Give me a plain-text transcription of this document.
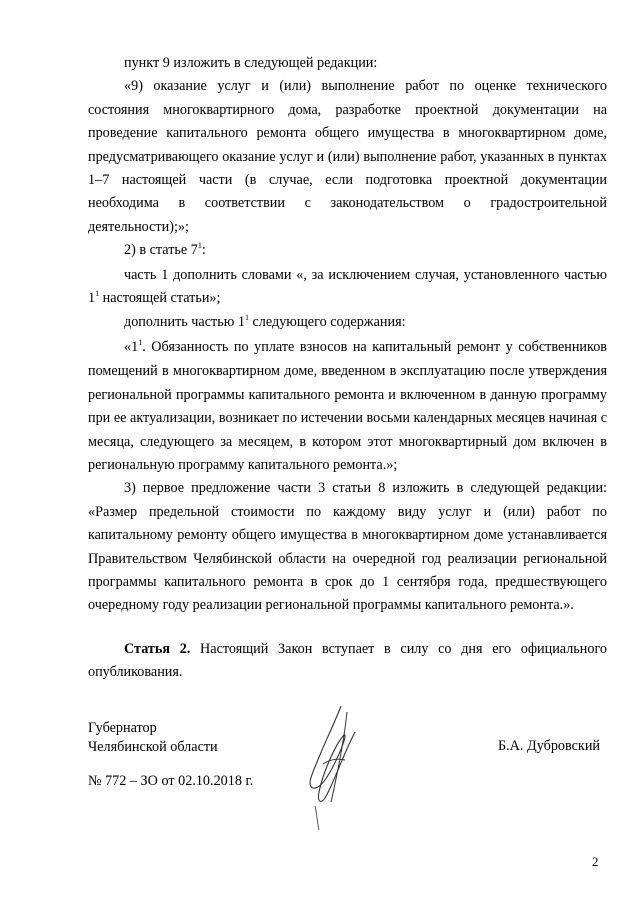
пункт 9 изложить в следующей редакции:

«9) оказание услуг и (или) выполнение работ по оценке технического состояния многоквартирного дома, разработке проектной документации на проведение капитального ремонта общего имущества в многоквартирном доме, предусматривающего оказание услуг и (или) выполнение работ, указанных в пунктах 1–7 настоящей части (в случае, если подготовка проектной документации необходима в соответствии с законодательством о градостроительной деятельности);»;

2) в статье $7^1$:

часть 1 дополнить словами «, за исключением случая, установленного частью $1^1$ настоящей статьи»;

дополнить частью $1^1$ следующего содержания:

«$1^1$. Обязанность по уплате взносов на капитальный ремонт у собственников помещений в многоквартирном доме, введенном в эксплуатацию после утверждения региональной программы капитального ремонта и включенном в данную программу при ее актуализации, возникает по истечении восьми календарных месяцев начиная с месяца, следующего за месяцем, в котором этот многоквартирный дом включен в региональную программу капитального ремонта.»;

3) первое предложение части 3 статьи 8 изложить в следующей редакции: «Размер предельной стоимости по каждому виду услуг и (или) работ по капитальному ремонту общего имущества в многоквартирном доме устанавливается Правительством Челябинской области на очередной год реализации региональной программы капитального ремонта в срок до 1 сентября года, предшествующего очередному году реализации региональной программы капитального ремонта.».

Статья 2. Настоящий Закон вступает в силу со дня его официального опубликования.

Губернатор
Челябинской области	Б.А. Дубровский
№ 772 – ЗО от 02.10.2018 г.
2
